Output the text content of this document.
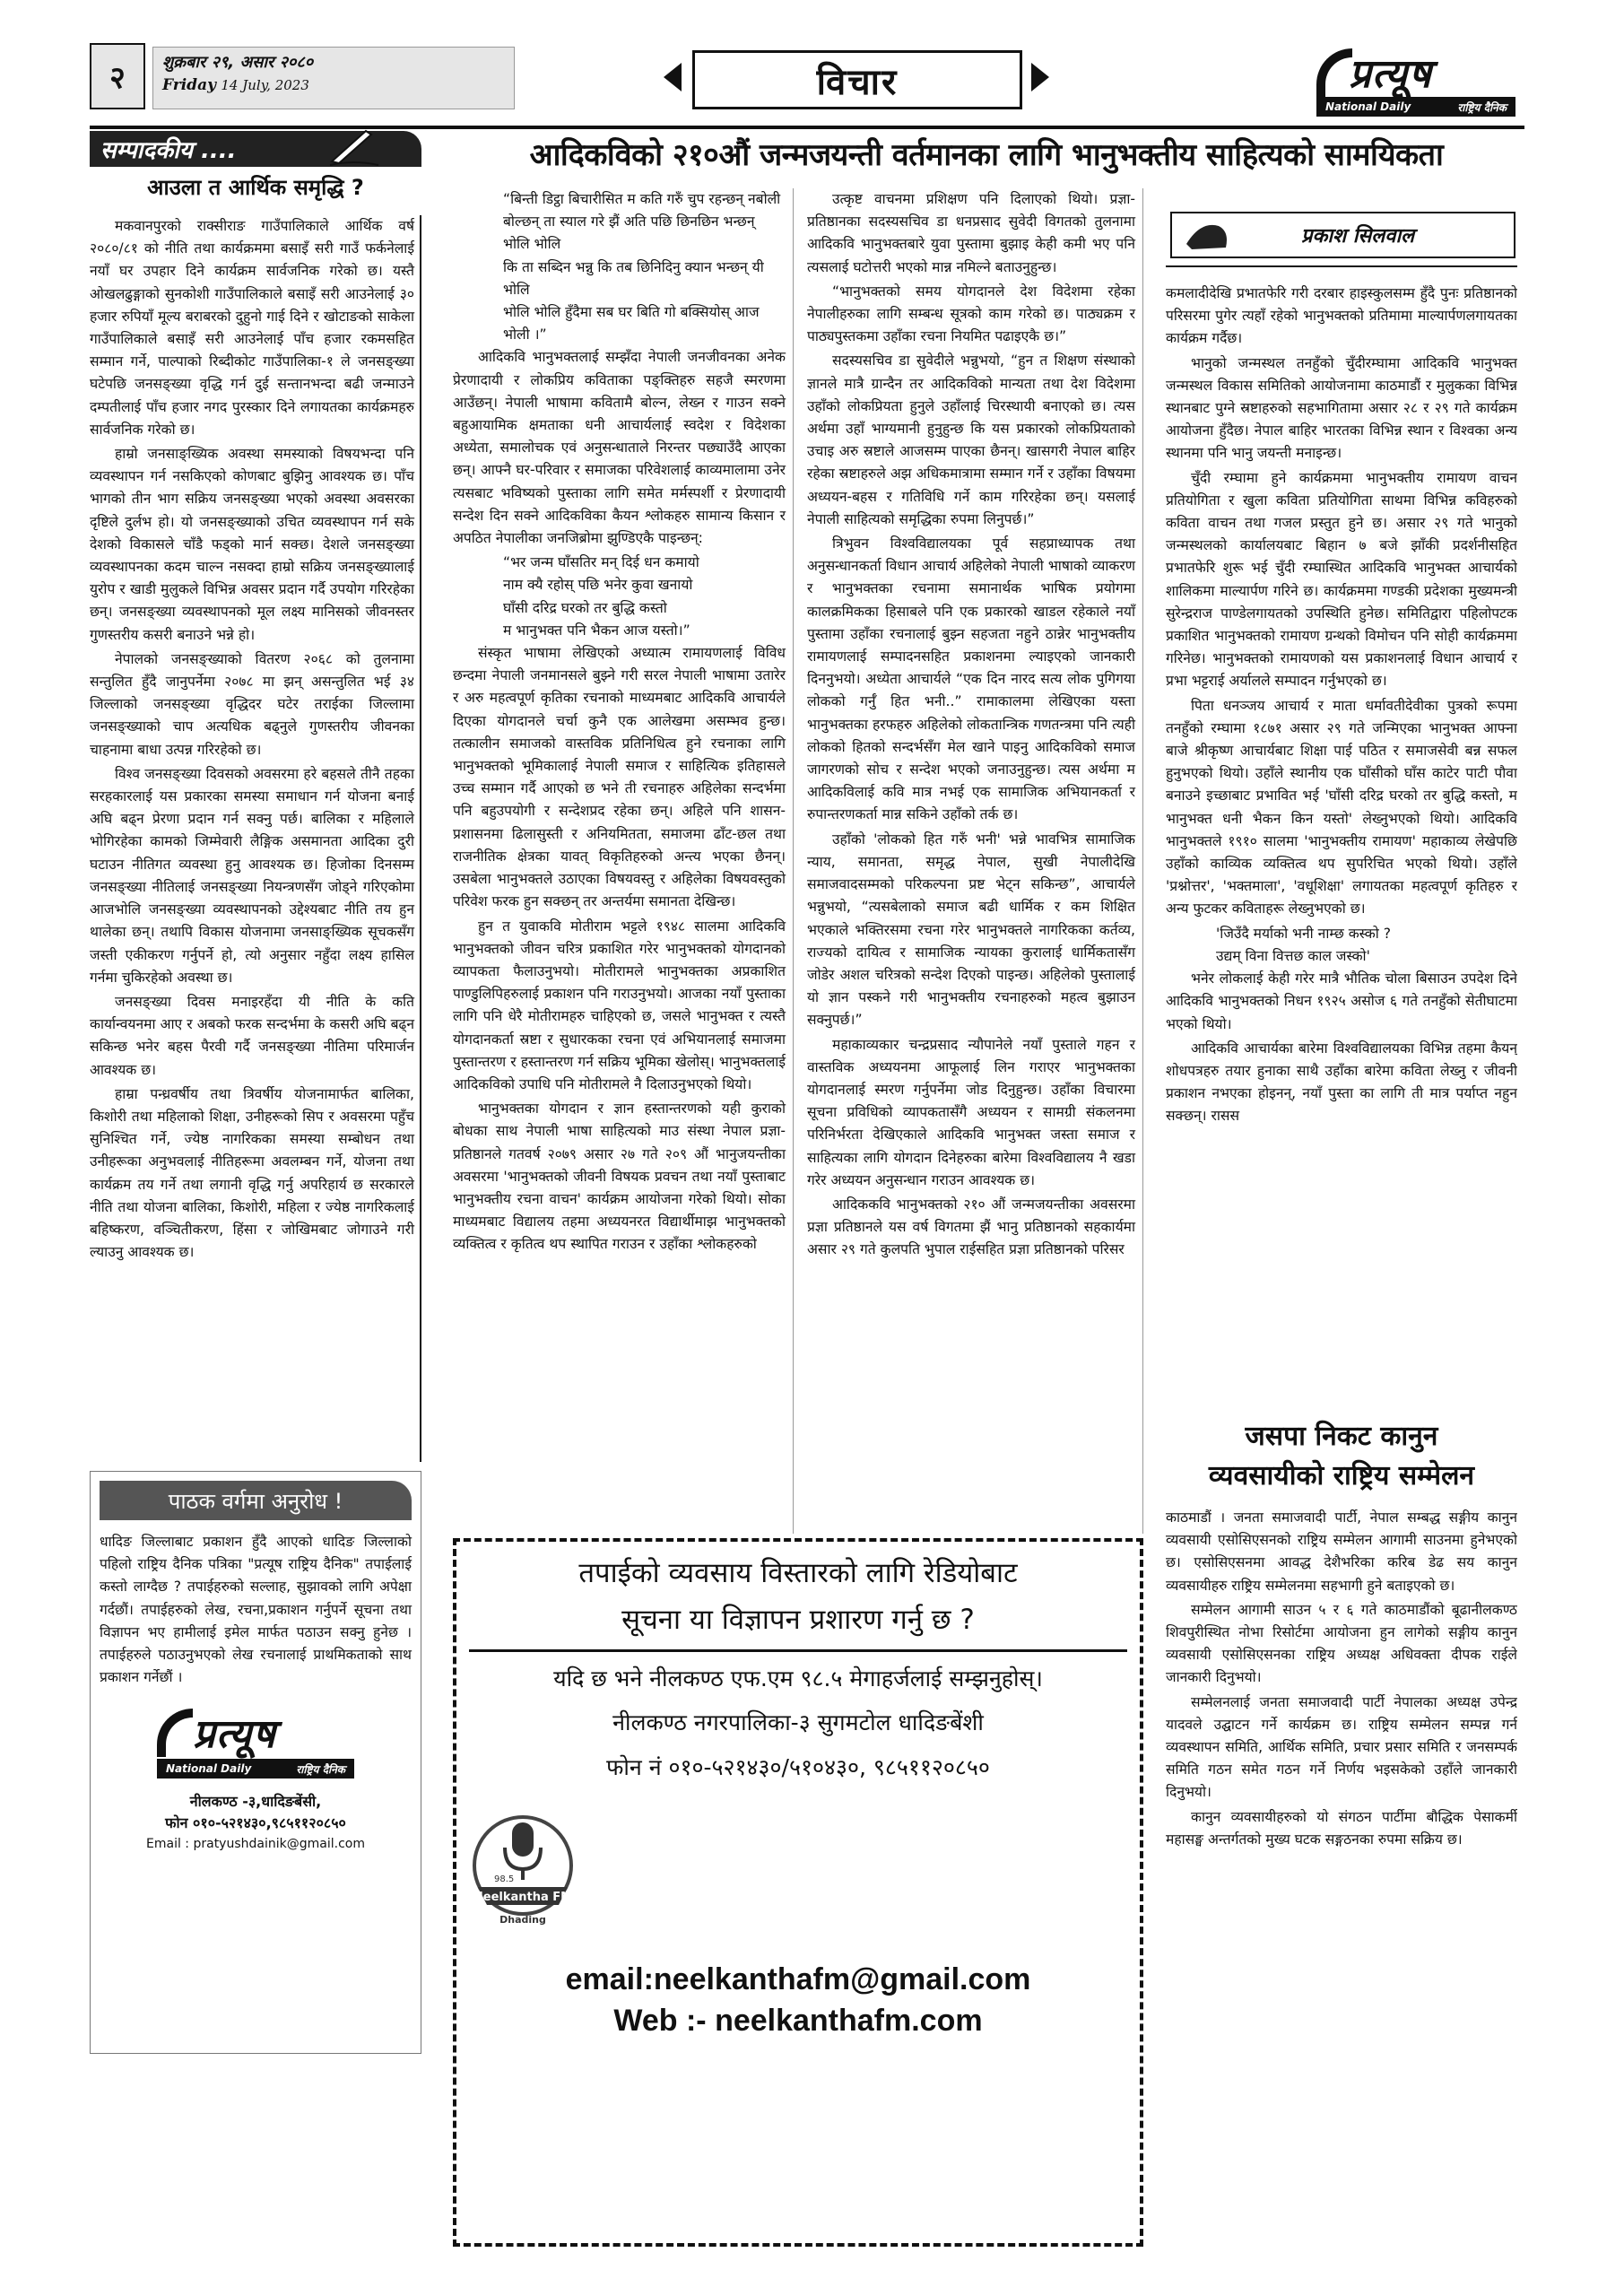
२	शुक्रबार २९, असार २०८०
Friday 14 July, 2023	विचार	प्रत्यूष
National Daily	राष्ट्रिय दैनिक
सम्पादकीय ....
आउला त आर्थिक समृद्धि ?

मकवानपुरको राक्सीराङ गाउँपालिकाले आर्थिक वर्ष २०८०/८१ को नीति तथा कार्यक्रममा बसाइँ सरी गाउँ फर्कनेलाई नयाँ घर उपहार दिने कार्यक्रम सार्वजनिक गरेको छ। यस्तै ओखलढुङ्गाको सुनकोशी गाउँपालिकाले बसाइँ सरी आउनेलाई ३० हजार रुपियाँ मूल्य बराबरको दुहुनो गाई दिने र खोटाङको साकेला गाउँपालिकाले बसाइँ सरी आउनेलाई पाँच हजार रकमसहित सम्मान गर्ने, पाल्पाको रिब्दीकोट गाउँपालिका-१ ले जनसङ्ख्या घटेपछि जनसङ्ख्या वृद्धि गर्न दुई सन्तानभन्दा बढी जन्माउने दम्पतीलाई पाँच हजार नगद पुरस्कार दिने लगायतका कार्यक्रमहरु सार्वजनिक गरेको छ।

हाम्रो जनसाङ्ख्यिक अवस्था समस्याको विषयभन्दा पनि व्यवस्थापन गर्न नसकिएको कोणबाट बुझिनु आवश्यक छ। पाँच भागको तीन भाग सक्रिय जनसङ्ख्या भएको अवस्था अवसरका दृष्टिले दुर्लभ हो। यो जनसङ्ख्याको उचित व्यवस्थापन गर्न सके देशको विकासले चाँडै फड्को मार्न सक्छ। देशले जनसङ्ख्या व्यवस्थापनका कदम चाल्न नसक्दा हाम्रो सक्रिय जनसङ्ख्यालाई युरोप र खाडी मुलुकले विभिन्न अवसर प्रदान गर्दै उपयोग गरिरहेका छन्। जनसङ्ख्या व्यवस्थापनको मूल लक्ष्य मानिसको जीवनस्तर गुणस्तरीय कसरी बनाउने भन्ने हो।

नेपालको जनसङ्ख्याको वितरण २०६८ को तुलनामा सन्तुलित हुँदै जानुपर्नेमा २०७८ मा झन् असन्तुलित भई ३४ जिल्लाको जनसङ्ख्या वृद्धिदर घटेर तराईका जिल्लामा जनसङ्ख्याको चाप अत्यधिक बढ्नुले गुणस्तरीय जीवनका चाहनामा बाधा उत्पन्न गरिरहेको छ।

विश्व जनसङ्ख्या दिवसको अवसरमा हरे बहसले तीनै तहका सरहकारलाई यस प्रकारका समस्या समाधान गर्न योजना बनाई अघि बढ्न प्रेरणा प्रदान गर्न सक्नु पर्छ। बालिका र महिलाले भोगिरहेका कामको जिम्मेवारी लैङ्गिक असमानता आदिका दुरी घटाउन नीतिगत व्यवस्था हुनु आवश्यक छ। हिजोका दिनसम्म जनसङ्ख्या नीतिलाई जनसङ्ख्या नियन्त्रणसँग जोड्ने गरिएकोमा आजभोलि जनसङ्ख्या व्यवस्थापनको उद्देश्यबाट नीति तय हुन थालेका छन्। तथापि विकास योजनामा जनसाङ्ख्यिक सूचकसँग जस्ती एकीकरण गर्नुपर्ने हो, त्यो अनुसार नहुँदा लक्ष्य हासिल गर्नमा चुकिरहेको अवस्था छ।

जनसङ्ख्या दिवस मनाइरहँदा यी नीति के कति कार्यान्वयनमा आए र अबको फरक सन्दर्भमा के कसरी अघि बढ्न सकिन्छ भनेर बहस पैरवी गर्दै जनसङ्ख्या नीतिमा परिमार्जन आवश्यक छ।

हाम्रा पन्ध्रवर्षीय तथा त्रिवर्षीय योजनामार्फत बालिका, किशोरी तथा महिलाको शिक्षा, उनीहरूको सिप र अवसरमा पहुँच सुनिश्चित गर्ने, ज्येष्ठ नागरिकका समस्या सम्बोधन तथा उनीहरूका अनुभवलाई नीतिहरूमा अवलम्बन गर्ने, योजना तथा कार्यक्रम तय गर्ने तथा लगानी वृद्धि गर्नु अपरिहार्य छ सरकारले नीति तथा योजना बालिका, किशोरी, महिला र ज्येष्ठ नागरिकलाई बहिष्करण, वञ्चितीकरण, हिंसा र जोखिमबाट जोगाउने गरी ल्याउनु आवश्यक छ।

पाठक वर्गमा अनुरोध !
धादिङ जिल्लाबाट प्रकाशन हुँदै आएको धादिङ जिल्लाको पहिलो राष्ट्रिय दैनिक पत्रिका "प्रत्यूष राष्ट्रिय दैनिक" तपाईलाई कस्तो लाग्दैछ ? तपाईहरुको सल्लाह, सुझावको लागि अपेक्षा गर्दछौं। तपाईहरुको लेख, रचना,प्रकाशन गर्नुपर्ने सूचना तथा विज्ञापन भए हामीलाई इमेल मार्फत पठाउन सक्नु हुनेछ । तपाईहरुले पठाउनुभएको लेख रचनालाई प्राथमिकताको साथ प्रकाशन गर्नेछौं ।
प्रत्यूष
National Daily	राष्ट्रिय दैनिक
नीलकण्ठ -३,धादिङबेंसी,
फोन ०१०-५२१४३०,९८५११२०८५०
Email : pratyushdainik@gmail.com
आदिकविको २१०औं जन्मजयन्ती वर्तमानका लागि भानुभक्तीय साहित्यको सामयिकता
“बिन्ती डिट्ठा बिचारीसित म कति गरुँ चुप रहन्छन् नबोली
बोल्छन् ता स्याल गरे झैं अति पछि छिनछिन भन्छन् भोलि भोलि
कि ता सब्दिन भन्नु कि तब छिनिदिनु क्यान भन्छन् यी भोलि
भोलि भोलि हुँदैमा सब घर बिति गो बक्सियोस् आज भोली ।”

आदिकवि भानुभक्तलाई सम्झँदा नेपाली जनजीवनका अनेक प्रेरणादायी र लोकप्रिय कविताका पङ्क्तिहरु सहजै स्मरणमा आउँछन्। नेपाली भाषामा कवितामै बोल्न, लेख्न र गाउन सक्ने बहुआयामिक क्षमताका धनी आचार्यलाई स्वदेश र विदेशका अध्येता, समालोचक एवं अनुसन्धाताले निरन्तर पछ्याउँदै आएका छन्। आफ्नै घर-परिवार र समाजका परिवेशलाई काव्यमालामा उनेर त्यसबाट भविष्यको पुस्ताका लागि समेत मर्मस्पर्शी र प्रेरणादायी सन्देश दिन सक्ने आदिकविका कैयन श्लोकहरु सामान्य किसान र अपठित नेपालीका जनजिब्रोमा झुण्डिएकै पाइन्छन्:

“भर जन्म घाँसतिर मन् दिई धन कमायो
नाम क्यै रहोस् पछि भनेर कुवा खनायो
घाँसी दरिद्र घरको तर बुद्धि कस्तो
म भानुभक्त पनि भैकन आज यस्तो।”

संस्कृत भाषामा लेखिएको अध्यात्म रामायणलाई विविध छन्दमा नेपाली जनमानसले बुझ्ने गरी सरल नेपाली भाषामा उतारेर र अरु महत्वपूर्ण कृतिका रचनाको माध्यमबाट आदिकवि आचार्यले दिएका योगदानले चर्चा कुनै एक आलेखमा असम्भव हुन्छ। तत्कालीन समाजको वास्तविक प्रतिनिधित्व हुने रचनाका लागि भानुभक्तको भूमिकालाई नेपाली समाज र साहित्यिक इतिहासले उच्च सम्मान गर्दै आएको छ भने ती रचनाहरु अहिलेका सन्दर्भमा पनि बहुउपयोगी र सन्देशप्रद रहेका छन्। अहिले पनि शासन-प्रशासनमा ढिलासुस्ती र अनियमितता, समाजमा ढाँट-छल तथा राजनीतिक क्षेत्रका यावत् विकृतिहरुको अन्त्य भएका छैनन्। उसबेला भानुभक्तले उठाएका विषयवस्तु र अहिलेका विषयवस्तुको परिवेश फरक हुन सक्छन् तर अन्तर्यमा समानता देखिन्छ।

हुन त युवाकवि मोतीराम भट्टले १९४८ सालमा आदिकवि भानुभक्तको जीवन चरित्र प्रकाशित गरेर भानुभक्तको योगदानको व्यापकता फैलाउनुभयो। मोतीरामले भानुभक्तका अप्रकाशित पाण्डुलिपिहरुलाई प्रकाशन पनि गराउनुभयो। आजका नयाँ पुस्ताका लागि पनि धेरै मोतीरामहरु चाहिएको छ, जसले भानुभक्त र त्यस्तै योगदानकर्ता स्रष्टा र सुधारकका रचना एवं अभियानलाई समाजमा पुस्तान्तरण र हस्तान्तरण गर्न सक्रिय भूमिका खेलोस्। भानुभक्तलाई आदिकविको उपाधि पनि मोतीरामले नै दिलाउनुभएको थियो।

भानुभक्तका योगदान र ज्ञान हस्तान्तरणको यही कुराको बोधका साथ नेपाली भाषा साहित्यको माउ संस्था नेपाल प्रज्ञा-प्रतिष्ठानले गतवर्ष २०७९ असार २७ गते २०९ औं भानुजयन्तीका अवसरमा 'भानुभक्तको जीवनी विषयक प्रवचन तथा नयाँ पुस्ताबाट भानुभक्तीय रचना वाचन' कार्यक्रम आयोजना गरेको थियो। सोका माध्यमबाट विद्यालय तहमा अध्ययनरत विद्यार्थीमाझ भानुभक्तको व्यक्तित्व र कृतित्व थप स्थापित गराउन र उहाँका श्लोकहरुको

उत्कृष्ट वाचनमा प्रशिक्षण पनि दिलाएको थियो। प्रज्ञा-प्रतिष्ठानका सदस्यसचिव डा धनप्रसाद सुवेदी विगतको तुलनामा आदिकवि भानुभक्तबारे युवा पुस्तामा बुझाइ केही कमी भए पनि त्यसलाई घटोत्तरी भएको मान्न नमिल्ने बताउनुहुन्छ।

“भानुभक्तको समय योगदानले देश विदेशमा रहेका नेपालीहरुका लागि सम्बन्ध सूत्रको काम गरेको छ। पाठ्यक्रम र पाठ्यपुस्तकमा उहाँका रचना नियमित पढाइएकै छ।”

सदस्यसचिव डा सुवेदीले भन्नुभयो, “हुन त शिक्षण संस्थाको ज्ञानले मात्रै ग्रान्दैन तर आदिकविको मान्यता तथा देश विदेशमा उहाँको लोकप्रियता हुनुले उहाँलाई चिरस्थायी बनाएको छ। त्यस अर्थमा उहाँ भाग्यमानी हुनुहुन्छ कि यस प्रकारको लोकप्रियताको उचाइ अरु स्रष्टाले आजसम्म पाएका छैनन्। खासगरी नेपाल बाहिर रहेका स्रष्टाहरुले अझ अधिकमात्रामा सम्मान गर्ने र उहाँका विषयमा अध्ययन-बहस र गतिविधि गर्ने काम गरिरहेका छन्। यसलाई नेपाली साहित्यको समृद्धिका रुपमा लिनुपर्छ।”

त्रिभुवन विश्वविद्यालयका पूर्व सहप्राध्यापक तथा अनुसन्धानकर्ता विधान आचार्य अहिलेको नेपाली भाषाको व्याकरण र भानुभक्तका रचनामा समानार्थक भाषिक प्रयोगमा कालक्रमिकका हिसाबले पनि एक प्रकारको खाडल रहेकाले नयाँ पुस्तामा उहाँका रचनालाई बुझ्न सहजता नहुने ठान्नेर भानुभक्तीय रामायणलाई सम्पादनसहित प्रकाशनमा ल्याइएको जानकारी दिननुभयो। अध्येता आचार्यले “एक दिन नारद सत्य लोक पुगिगया लोकको गर्नुँ हित भनी..” रामाकालमा लेखिएका यस्ता भानुभक्तका हरफहरु अहिलेको लोकतान्त्रिक गणतन्त्रमा पनि त्यही लोकको हितको सन्दर्भसँग मेल खाने पाइनु आदिकविको समाज जागरणको सोच र सन्देश भएको जनाउनुहुन्छ। त्यस अर्थमा म आदिकविलाई कवि मात्र नभई एक सामाजिक अभियानकर्ता र रुपान्तरणकर्ता मान्न सकिने उहाँको तर्क छ।

उहाँको 'लोकको हित गरुँ भनी' भन्ने भावभित्र सामाजिक न्याय, समानता, समृद्ध नेपाल, सुखी नेपालीदेखि समाजवादसम्मको परिकल्पना प्रष्ट भेट्न सकिन्छ”, आचार्यले भन्नुभयो, “त्यसबेलाको समाज बढी धार्मिक र कम शिक्षित भएकाले भक्तिरसमा रचना गरेर भानुभक्तले नागरिकका कर्तव्य, राज्यको दायित्व र सामाजिक न्यायका कुरालाई धार्मिकतासँग जोडेर अशल चरित्रको सन्देश दिएको पाइन्छ। अहिलेको पुस्तालाई यो ज्ञान पस्कने गरी भानुभक्तीय रचनाहरुको महत्व बुझाउन सक्नुपर्छ।”

महाकाव्यकार चन्द्रप्रसाद न्यौपानेले नयाँ पुस्ताले गहन र वास्तविक अध्ययनमा आफूलाई लिन गराएर भानुभक्तका योगदानलाई स्मरण गर्नुपर्नेमा जोड दिनुहुन्छ। उहाँका विचारमा सूचना प्रविधिको व्यापकतासँगै अध्ययन र सामग्री संकलनमा परिनिर्भरता देखिएकाले आदिकवि भानुभक्त जस्ता समाज र साहित्यका लागि योगदान दिनेहरुका बारेमा विश्वविद्यालय नै खडा गरेर अध्ययन अनुसन्धान गराउन आवश्यक छ।

आदिककवि भानुभक्तको २१० औं जन्मजयन्तीका अवसरमा प्रज्ञा प्रतिष्ठानले यस वर्ष विगतमा झैं भानु प्रतिष्ठानको सहकार्यमा असार २९ गते कुलपति भुपाल राईसहित प्रज्ञा प्रतिष्ठानको परिसर

प्रकाश सिलवाल

कमलादीदेखि प्रभातफेरि गरी दरबार हाइस्कुलसम्म हुँदै पुनः प्रतिष्ठानको परिसरमा पुगेर त्यहाँ रहेको भानुभक्तको प्रतिमामा माल्यार्पणलगायतका कार्यक्रम गर्दैछ।

भानुको जन्मस्थल तनहुँको चुँदीरम्घामा आदिकवि भानुभक्त जन्मस्थल विकास समितिको आयोजनामा काठमाडौं र मुलुकका विभिन्न स्थानबाट पुग्ने स्रष्टाहरुको सहभागितामा असार २८ र २९ गते कार्यक्रम आयोजना हुँदैछ। नेपाल बाहिर भारतका विभिन्न स्थान र विश्वका अन्य स्थानमा पनि भानु जयन्ती मनाइन्छ।

चुँदी रम्घामा हुने कार्यक्रममा भानुभक्तीय रामायण वाचन प्रतियोगिता र खुला कविता प्रतियोगिता साथमा विभिन्न कविहरुको कविता वाचन तथा गजल प्रस्तुत हुने छ। असार २९ गते भानुको जन्मस्थलको कार्यालयबाट बिहान ७ बजे झाँकी प्रदर्शनीसहित प्रभातफेरि शुरू भई चुँदी रम्घास्थित आदिकवि भानुभक्त आचार्यको शालिकमा माल्यार्पण गरिने छ। कार्यक्रममा गण्डकी प्रदेशका मुख्यमन्त्री सुरेन्द्रराज पाण्डेलगायतको उपस्थिति हुनेछ। समितिद्वारा पहिलोपटक प्रकाशित भानुभक्तको रामायण ग्रन्थको विमोचन पनि सोही कार्यक्रममा गरिनेछ। भानुभक्तको रामायणको यस प्रकाशनलाई विधान आचार्य र प्रभा भट्टराई अर्यालले सम्पादन गर्नुभएको छ।

पिता धनञ्जय आचार्य र माता धर्मावतीदेवीका पुत्रको रूपमा तनहुँको रम्घामा १८७१ असार २९ गते जन्मिएका भानुभक्त आफ्ना बाजे श्रीकृष्ण आचार्यबाट शिक्षा पाई पठित र समाजसेवी बन्न सफल हुनुभएको थियो। उहाँले स्थानीय एक घाँसीको घाँस काटेर पाटी पौवा बनाउने इच्छाबाट प्रभावित भई 'घाँसी दरिद्र घरको तर बुद्धि कस्तो, म भानुभक्त धनी भैकन किन यस्तो' लेख्नुभएको थियो। आदिकवि भानुभक्तले १९१० सालमा 'भानुभक्तीय रामायण' महाकाव्य लेखेपछि उहाँको काव्यिक व्यक्तित्व थप सुपरिचित भएको थियो। उहाँले 'प्रश्नोत्तर', 'भक्तमाला', 'वधूशिक्षा' लगायतका महत्वपूर्ण कृतिहरु र अन्य फुटकर कविताहरू लेख्नुभएको छ।

'जिउँदै मर्याको भनी नाम्छ कस्को ?
उद्यम् विना वित्तछ काल जस्को'

भनेर लोकलाई केही गरेर मात्रै भौतिक चोला बिसाउन उपदेश दिने आदिकवि भानुभक्तको निधन १९२५ असोज ६ गते तनहुँको सेतीघाटमा भएको थियो।

आदिकवि आचार्यका बारेमा विश्वविद्यालयका विभिन्न तहमा कैयन् शोधपत्रहरु तयार हुनाका साथै उहाँका बारेमा कविता लेख्नु र जीवनी प्रकाशन नभएका होइनन्, नयाँ पुस्ता का लागि ती मात्र पर्याप्त नहुन सक्छन्। रासस

जसपा निकट कानुन
व्यवसायीको राष्ट्रिय सम्मेलन

काठमाडौं । जनता समाजवादी पार्टी, नेपाल सम्बद्ध सङ्गीय कानुन व्यवसायी एसोसिएसनको राष्ट्रिय सम्मेलन आगामी साउनमा हुनेभएको छ। एसोसिएसनमा आवद्ध देशैभरिका करिब डेढ सय कानुन व्यवसायीहरु राष्ट्रिय सम्मेलनमा सहभागी हुने बताइएको छ।

सम्मेलन आगामी साउन ५ र ६ गते काठमाडौंको बूढानीलकण्ठ शिवपुरीस्थित नोभा रिसोर्टमा आयोजना हुन लागेको सङ्गीय कानुन व्यवसायी एसोसिएसनका राष्ट्रिय अध्यक्ष अधिवक्ता दीपक राईले जानकारी दिनुभयो।

सम्मेलनलाई जनता समाजवादी पार्टी नेपालका अध्यक्ष उपेन्द्र यादवले उद्घाटन गर्ने कार्यक्रम छ। राष्ट्रिय सम्मेलन सम्पन्न गर्न व्यवस्थापन समिति, आर्थिक समिति, प्रचार प्रसार समिति र जनसम्पर्क समिति गठन समेत गठन गर्ने निर्णय भइसकेको उहाँले जानकारी दिनुभयो।

कानुन व्यवसायीहरुको यो संगठन पार्टीमा बौद्धिक पेसाकर्मी महासङ्घ अन्तर्गतको मुख्य घटक सङ्गठनका रुपमा सक्रिय छ।

तपाईको व्यवसाय विस्तारको लागि रेडियोबाट
सूचना या विज्ञापन प्रशारण गर्नु छ ?
यदि छ भने नीलकण्ठ एफ.एम ९८.५ मेगाहर्जलाई सम्झनुहोस्।
नीलकण्ठ नगरपालिका-३ सुगमटोल धादिङबेंशी
फोन नं ०१०-५२१४३०/५१०४३०, ९८५११२०८५०
Neelkantha FM
Dhading
98.5
email:neelkanthafm@gmail.com
Web :- neelkanthafm.com
